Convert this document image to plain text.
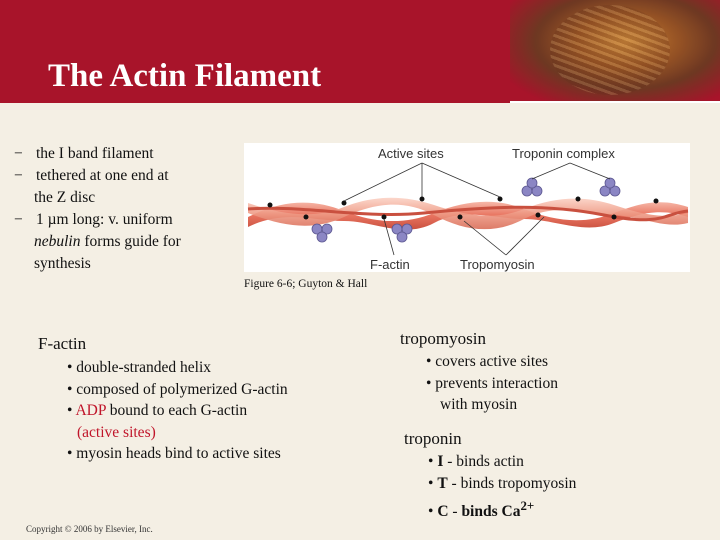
The Actin Filament
− the I band filament
− tethered at one end at
the Z disc
− 1 µm long: v. uniform
nebulin forms guide for
synthesis
Active sites	Troponin complex
F-actin	Tropomyosin
Figure 6-6; Guyton & Hall
F-actin
• double-stranded helix
• composed of polymerized G-actin
• ADP bound to each G-actin
(active sites)
• myosin heads bind to active sites
tropomyosin
• covers active sites
• prevents interaction
with myosin
troponin
• I - binds actin
• T - binds tropomyosin
• C - binds $Ca^{2+}$
Copyright © 2006 by Elsevier, Inc.
